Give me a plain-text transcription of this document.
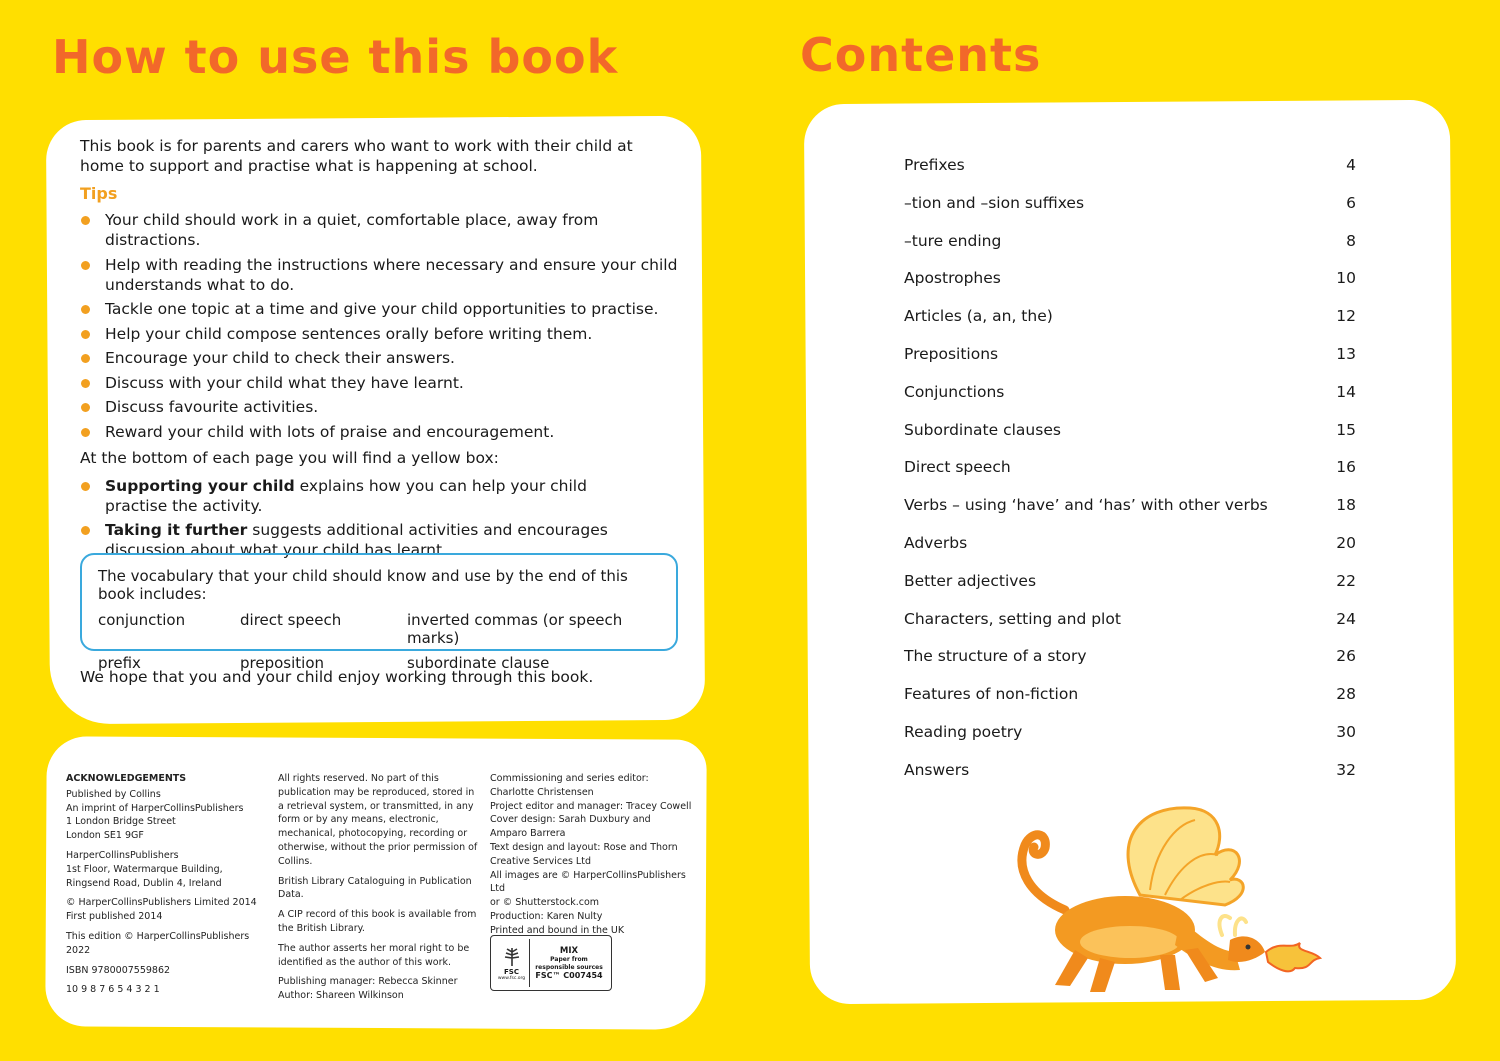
How to use this book	Contents

This book is for parents and carers who want to work with their child at home to support and practise what is happening at school.

Tips
Your child should work in a quiet, comfortable place, away from distractions.
Help with reading the instructions where necessary and ensure your child understands what to do.
Tackle one topic at a time and give your child opportunities to practise.
Help your child compose sentences orally before writing them.
Encourage your child to check their answers.
Discuss with your child what they have learnt.
Discuss favourite activities.
Reward your child with lots of praise and encouragement.

At the bottom of each page you will find a yellow box:

Supporting your child explains how you can help your child practise the activity.
Taking it further suggests additional activities and encourages discussion about what your child has learnt.
The vocabulary that your child should know and use by the end of this book includes:
conjunction	direct speech	inverted commas (or speech marks)
prefix	preposition	subordinate clause

We hope that you and your child enjoy working through this book.

ACKNOWLEDGEMENTS

Published by Collins
An imprint of HarperCollinsPublishers
1 London Bridge Street
London SE1 9GF

HarperCollinsPublishers
1st Floor, Watermarque Building,
Ringsend Road, Dublin 4, Ireland

© HarperCollinsPublishers Limited 2014
First published 2014

This edition © HarperCollinsPublishers 2022

ISBN 9780007559862

10 9 8 7 6 5 4 3 2 1

All rights reserved. No part of this publication may be reproduced, stored in a retrieval system, or transmitted, in any form or by any means, electronic, mechanical, photocopying, recording or otherwise, without the prior permission of Collins.

British Library Cataloguing in Publication Data.

A CIP record of this book is available from the British Library.

The author asserts her moral right to be identified as the author of this work.

Publishing manager: Rebecca Skinner
Author: Shareen Wilkinson

Commissioning and series editor:
Charlotte Christensen
Project editor and manager: Tracey Cowell
Cover design: Sarah Duxbury and
Amparo Barrera
Text design and layout: Rose and Thorn
Creative Services Ltd
All images are © HarperCollinsPublishers Ltd
or © Shutterstock.com
Production: Karen Nulty
Printed and bound in the UK

FSC
www.fsc.org
MIX
Paper from responsible sources
FSC™ C007454
Prefixes	4
–tion and –sion suffixes	6
–ture ending	8
Apostrophes	10
Articles (a, an, the)	12
Prepositions	13
Conjunctions	14
Subordinate clauses	15
Direct speech	16
Verbs – using ‘have’ and ‘has’ with other verbs	18
Adverbs	20
Better adjectives	22
Characters, setting and plot	24
The structure of a story	26
Features of non-fiction	28
Reading poetry	30
Answers	32
